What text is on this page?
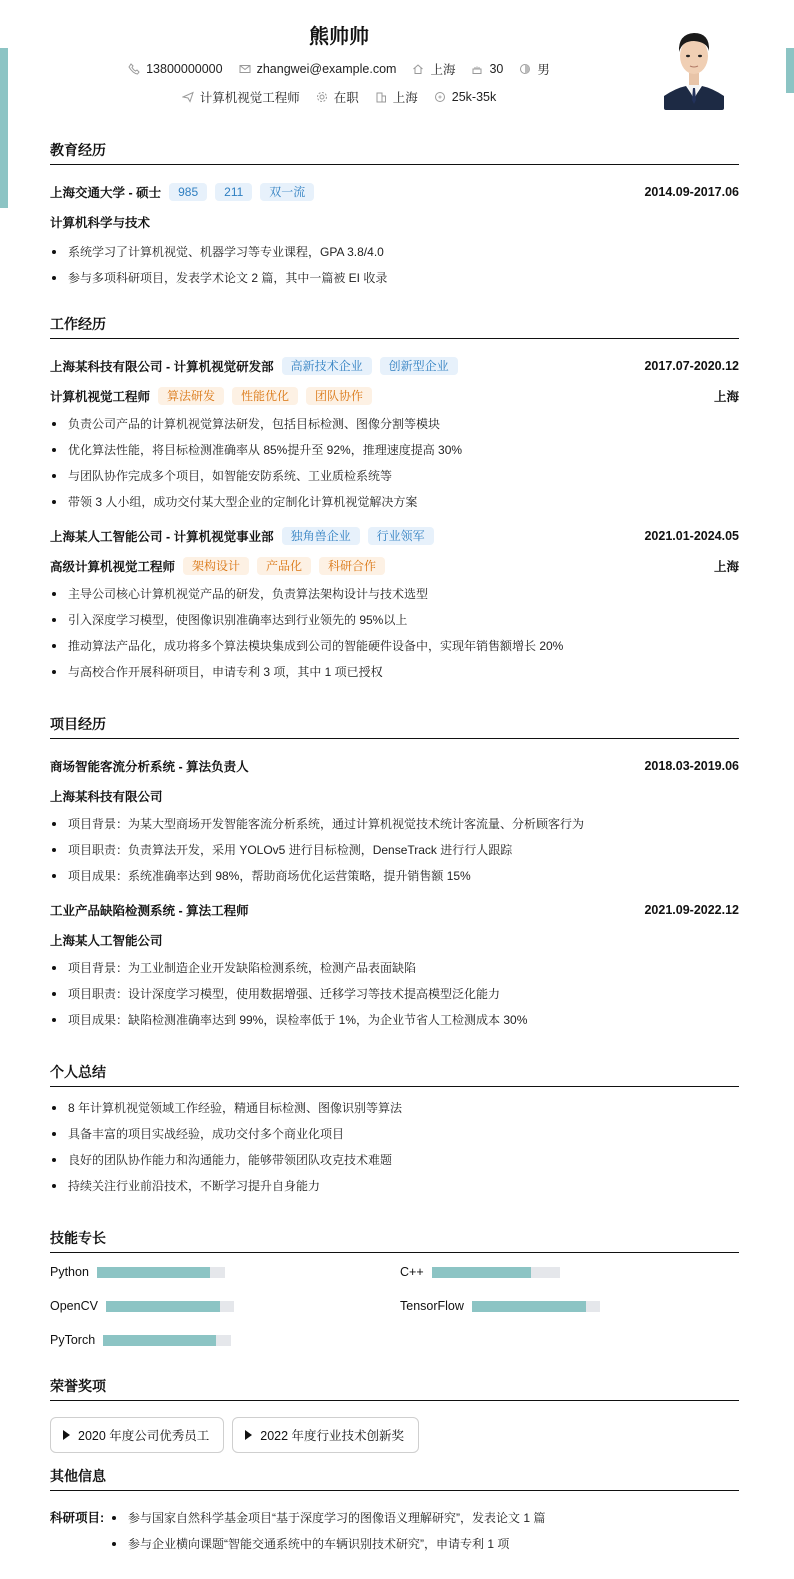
熊帅帅
13800000000	zhangwei@example.com	上海	30	男
计算机视觉工程师	在职	上海	25k-35k
教育经历
上海交通大学 - 硕士	985	211	双一流	2014.09-2017.06
计算机科学与技术
系统学习了计算机视觉、机器学习等专业课程，GPA 3.8/4.0
参与多项科研项目，发表学术论文 2 篇，其中一篇被 EI 收录
工作经历
上海某科技有限公司 - 计算机视觉研发部	高新技术企业	创新型企业	2017.07-2020.12
计算机视觉工程师	算法研发	性能优化	团队协作	上海
负责公司产品的计算机视觉算法研发，包括目标检测、图像分割等模块
优化算法性能，将目标检测准确率从 85%提升至 92%，推理速度提高 30%
与团队协作完成多个项目，如智能安防系统、工业质检系统等
带领 3 人小组，成功交付某大型企业的定制化计算机视觉解决方案
上海某人工智能公司 - 计算机视觉事业部	独角兽企业	行业领军	2021.01-2024.05
高级计算机视觉工程师	架构设计	产品化	科研合作	上海
主导公司核心计算机视觉产品的研发，负责算法架构设计与技术选型
引入深度学习模型，使图像识别准确率达到行业领先的 95%以上
推动算法产品化，成功将多个算法模块集成到公司的智能硬件设备中，实现年销售额增长 20%
与高校合作开展科研项目，申请专利 3 项，其中 1 项已授权
项目经历
商场智能客流分析系统 - 算法负责人	2018.03-2019.06
上海某科技有限公司
项目背景：为某大型商场开发智能客流分析系统，通过计算机视觉技术统计客流量、分析顾客行为
项目职责：负责算法开发，采用 YOLOv5 进行目标检测，DenseTrack 进行行人跟踪
项目成果：系统准确率达到 98%，帮助商场优化运营策略，提升销售额 15%
工业产品缺陷检测系统 - 算法工程师	2021.09-2022.12
上海某人工智能公司
项目背景：为工业制造企业开发缺陷检测系统，检测产品表面缺陷
项目职责：设计深度学习模型，使用数据增强、迁移学习等技术提高模型泛化能力
项目成果：缺陷检测准确率达到 99%，误检率低于 1%，为企业节省人工检测成本 30%
个人总结
8 年计算机视觉领域工作经验，精通目标检测、图像识别等算法
具备丰富的项目实战经验，成功交付多个商业化项目
良好的团队协作能力和沟通能力，能够带领团队攻克技术难题
持续关注行业前沿技术，不断学习提升自身能力
技能专长
Python	C++
OpenCV	TensorFlow
PyTorch
荣誉奖项
2020 年度公司优秀员工	2022 年度行业技术创新奖
其他信息
科研项目:	参与国家自然科学基金项目“基于深度学习的图像语义理解研究”，发表论文 1 篇
参与企业横向课题“智能交通系统中的车辆识别技术研究”，申请专利 1 项
